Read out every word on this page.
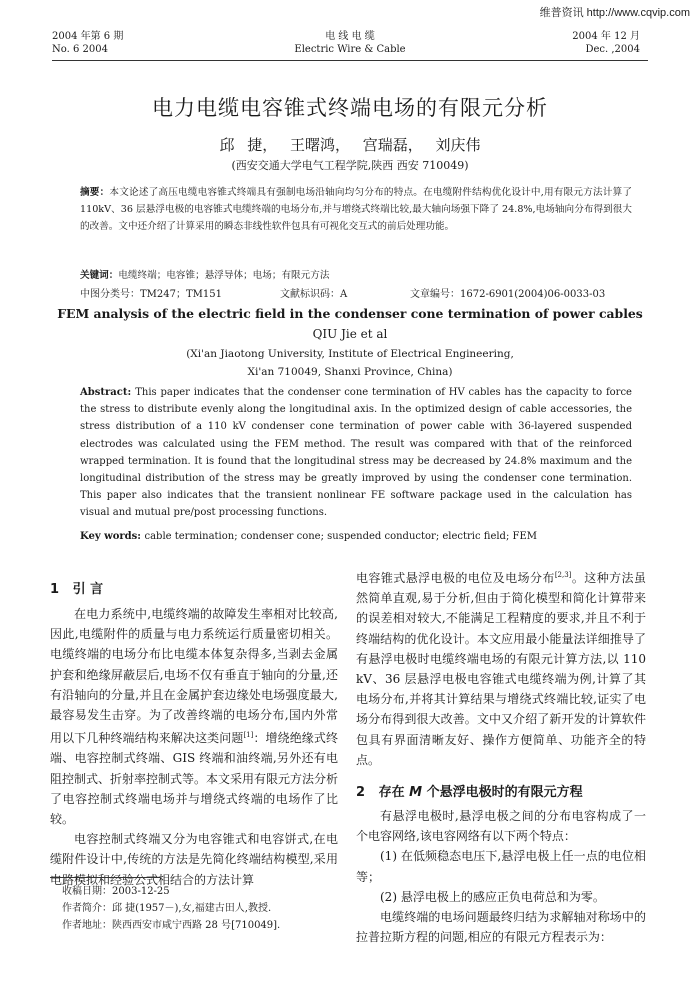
维普资讯 http://www.cqvip.com
2004 年第 6 期
No. 6 2004
电 线 电 缆
Electric Wire & Cable
2004 年 12 月
Dec. ,2004
电力电缆电容锥式终端电场的有限元分析
邱 捷， 王曙鸿， 宫瑞磊， 刘庆伟
(西安交通大学电气工程学院,陕西 西安 710049)
摘要：本文论述了高压电缆电容锥式终端具有强制电场沿轴向均匀分布的特点。在电缆附件结构优化设计中,用有限元方法计算了 110kV、36 层悬浮电极的电容锥式电缆终端的电场分布,并与增绕式终端比较,最大轴向场强下降了 24.8%,电场轴向分布得到很大的改善。文中还介绍了计算采用的瞬态非线性软件包具有可视化交互式的前后处理功能。
关键词：电缆终端；电容锥；悬浮导体；电场；有限元方法
中图分类号：TM247；TM151	文献标识码：A	文章编号：1672-6901(2004)06-0033-03
FEM analysis of the electric field in the condenser cone termination of power cables
QIU Jie et al
(Xi'an Jiaotong University, Institute of Electrical Engineering,
Xi'an 710049, Shanxi Province, China)
Abstract: This paper indicates that the condenser cone termination of HV cables has the capacity to force the stress to distribute evenly along the longitudinal axis. In the optimized design of cable accessories, the stress distribution of a 110 kV condenser cone termination of power cable with 36-layered suspended electrodes was calculated using the FEM method. The result was compared with that of the reinforced wrapped termination. It is found that the longitudinal stress may be decreased by 24.8% maximum and the longitudinal distribution of the stress may be greatly improved by using the condenser cone termination. This paper also indicates that the transient nonlinear FE software package used in the calculation has visual and mutual pre/post processing functions.
Key words: cable termination; condenser cone; suspended conductor; electric field; FEM
1 引 言

在电力系统中,电缆终端的故障发生率相对比较高,因此,电缆附件的质量与电力系统运行质量密切相关。电缆终端的电场分布比电缆本体复杂得多,当剥去金属护套和绝缘屏蔽层后,电场不仅有垂直于轴向的分量,还有沿轴向的分量,并且在金属护套边缘处电场强度最大,最容易发生击穿。为了改善终端的电场分布,国内外常用以下几种终端结构来解决这类问题[1]：增绕绝缘式终端、电容控制式终端、GIS 终端和油终端,另外还有电阻控制式、折射率控制式等。本文采用有限元方法分析了电容控制式终端电场并与增绕式终端的电场作了比较。

电容控制式终端又分为电容锥式和电容饼式,在电缆附件设计中,传统的方法是先简化终端结构模型,采用电路模拟和经验公式相结合的方法计算

电容锥式悬浮电极的电位及电场分布[2,3]。这种方法虽然简单直观,易于分析,但由于简化模型和简化计算带来的误差相对较大,不能满足工程精度的要求,并且不利于终端结构的优化设计。本文应用最小能量法详细推导了有悬浮电极时电缆终端电场的有限元计算方法,以 110 kV、36 层悬浮电极电容锥式电缆终端为例,计算了其电场分布,并将其计算结果与增绕式终端比较,证实了电场分布得到很大改善。文中又介绍了新开发的计算软件包具有界面清晰友好、操作方便简单、功能齐全的特点。

2 存在 M 个悬浮电极时的有限元方程

有悬浮电极时,悬浮电极之间的分布电容构成了一个电容网络,该电容网络有以下两个特点：

(1) 在低频稳态电压下,悬浮电极上任一点的电位相等；

(2) 悬浮电极上的感应正负电荷总和为零。

电缆终端的电场问题最终归结为求解轴对称场中的拉普拉斯方程的问题,相应的有限元方程表示为：

收稿日期：2003-12-25
作者简介：邱 捷(1957－),女,福建古田人,教授.
作者地址：陕西西安市咸宁西路 28 号[710049].
